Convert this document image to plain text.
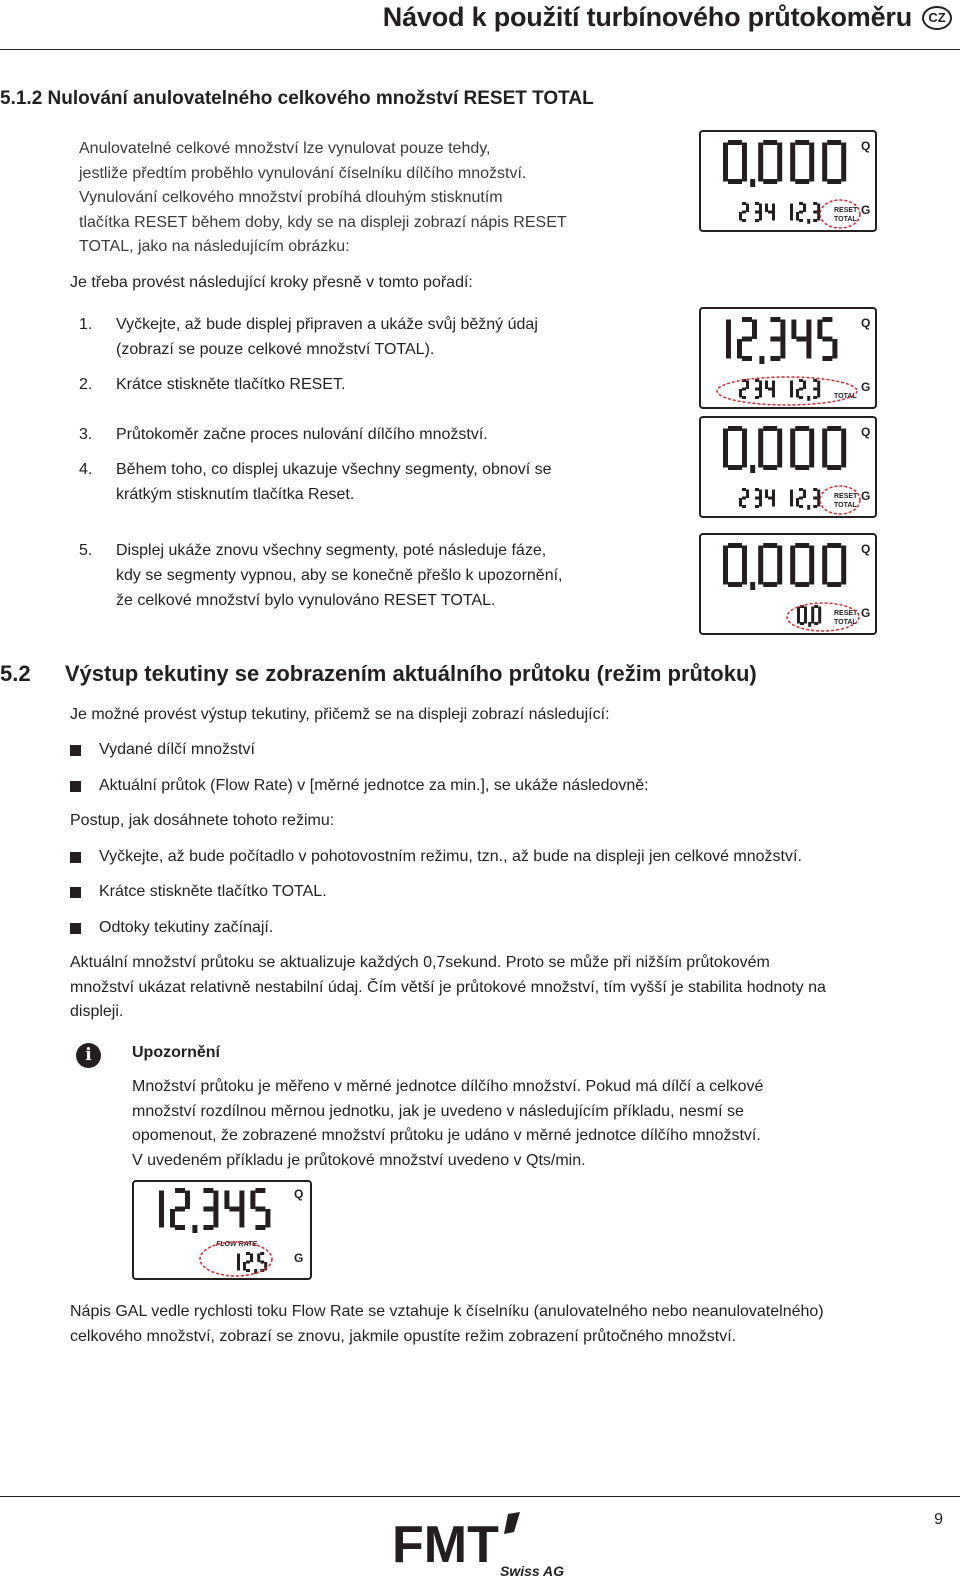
Návod k použití turbínového průtokoměru	CZ
5.1.2 Nulování anulovatelného celkového množství RESET TOTAL
Anulovatelné celkové množství lze vynulovat pouze tehdy,
jestliže předtím proběhlo vynulování číselníku dílčího množství.
Vynulování celkového množství probíhá dlouhým stisknutím
tlačítka RESET během doby, kdy se na displeji zobrazí nápis RESET
TOTAL, jako na následujícím obrázku:
Je třeba provést následující kroky přesně v tomto pořadí:
1. Vyčkejte, až bude displej připraven a ukáže svůj běžný údaj
(zobrazí se pouze celkové množství TOTAL).
2. Krátce stiskněte tlačítko RESET.
3. Průtokoměr začne proces nulování dílčího množství.
4. Během toho, co displej ukazuje všechny segmenty, obnoví se
krátkým stisknutím tlačítka Reset.
5. Displej ukáže znovu všechny segmenty, poté následuje fáze,
kdy se segmenty vypnou, aby se konečně přešlo k upozornění,
že celkové množství bylo vynulováno RESET TOTAL.
Q
G
RESET
TOTAL
Q
G
TOTAL
Q
G
RESET
TOTAL
Q
G
RESET
TOTAL
5.2 Výstup tekutiny se zobrazením aktuálního průtoku (režim průtoku)
Je možné provést výstup tekutiny, přičemž se na displeji zobrazí následující:
Vydané dílčí množství
Aktuální průtok (Flow Rate) v [měrné jednotce za min.], se ukáže následovně:
Postup, jak dosáhnete tohoto režimu:
Vyčkejte, až bude počítadlo v pohotovostním režimu, tzn., až bude na displeji jen celkové množství.
Krátce stiskněte tlačítko TOTAL.
Odtoky tekutiny začínají.
Aktuální množství průtoku se aktualizuje každých 0,7sekund. Proto se může při nižším průtokovém
množství ukázat relativně nestabilní údaj. Čím větší je průtokové množství, tím vyšší je stabilita hodnoty na
displeji.
i	Upozornění
Množství průtoku je měřeno v měrné jednotce dílčího množství. Pokud má dílčí a celkové
množství rozdílnou měrnou jednotku, jak je uvedeno v následujícím příkladu, nesmí se
opomenout, že zobrazené množství průtoku je udáno v měrné jednotce dílčího množství.
V uvedeném příkladu je průtokové množství uvedeno v Qts/min.
Q
FLOW RATE
G
Nápis GAL vedle rychlosti toku Flow Rate se vztahuje k číselníku (anulovatelného nebo neanulovatelného)
celkového množství, zobrazí se znovu, jakmile opustíte režim zobrazení průtočného množství.
9
FMT Swiss AG
